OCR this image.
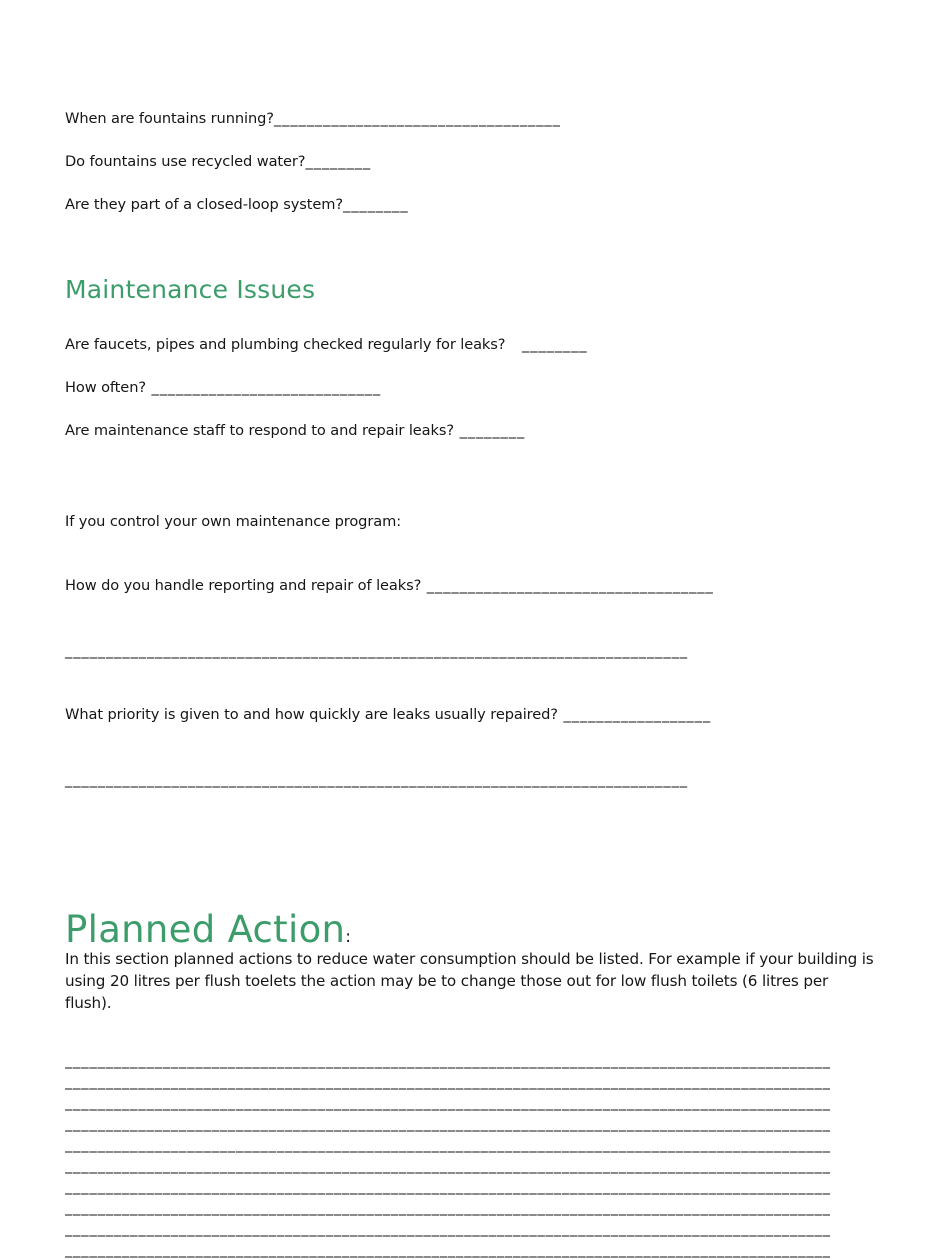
When are fountains running?___________________________________

Do fountains use recycled water?________

Are they part of a closed-loop system?________

Maintenance Issues

Are faucets, pipes and plumbing checked regularly for leaks?   ________

How often? ____________________________

Are maintenance staff to respond to and repair leaks? ________

If you control your own maintenance program:

How do you handle reporting and repair of leaks? ___________________________________

____________________________________________________________________________

What priority is given to and how quickly are leaks usually repaired? __________________

____________________________________________________________________________

Planned Action:

In this section planned actions to reduce water consumption should be listed. For example if your building is using 20 litres per flush toelets the action may be to change those out for low flush toilets (6 litres per flush).

______________________________________________________________________________________________
______________________________________________________________________________________________
______________________________________________________________________________________________
______________________________________________________________________________________________
______________________________________________________________________________________________
______________________________________________________________________________________________
______________________________________________________________________________________________
______________________________________________________________________________________________
______________________________________________________________________________________________
______________________________________________________________________________________________
